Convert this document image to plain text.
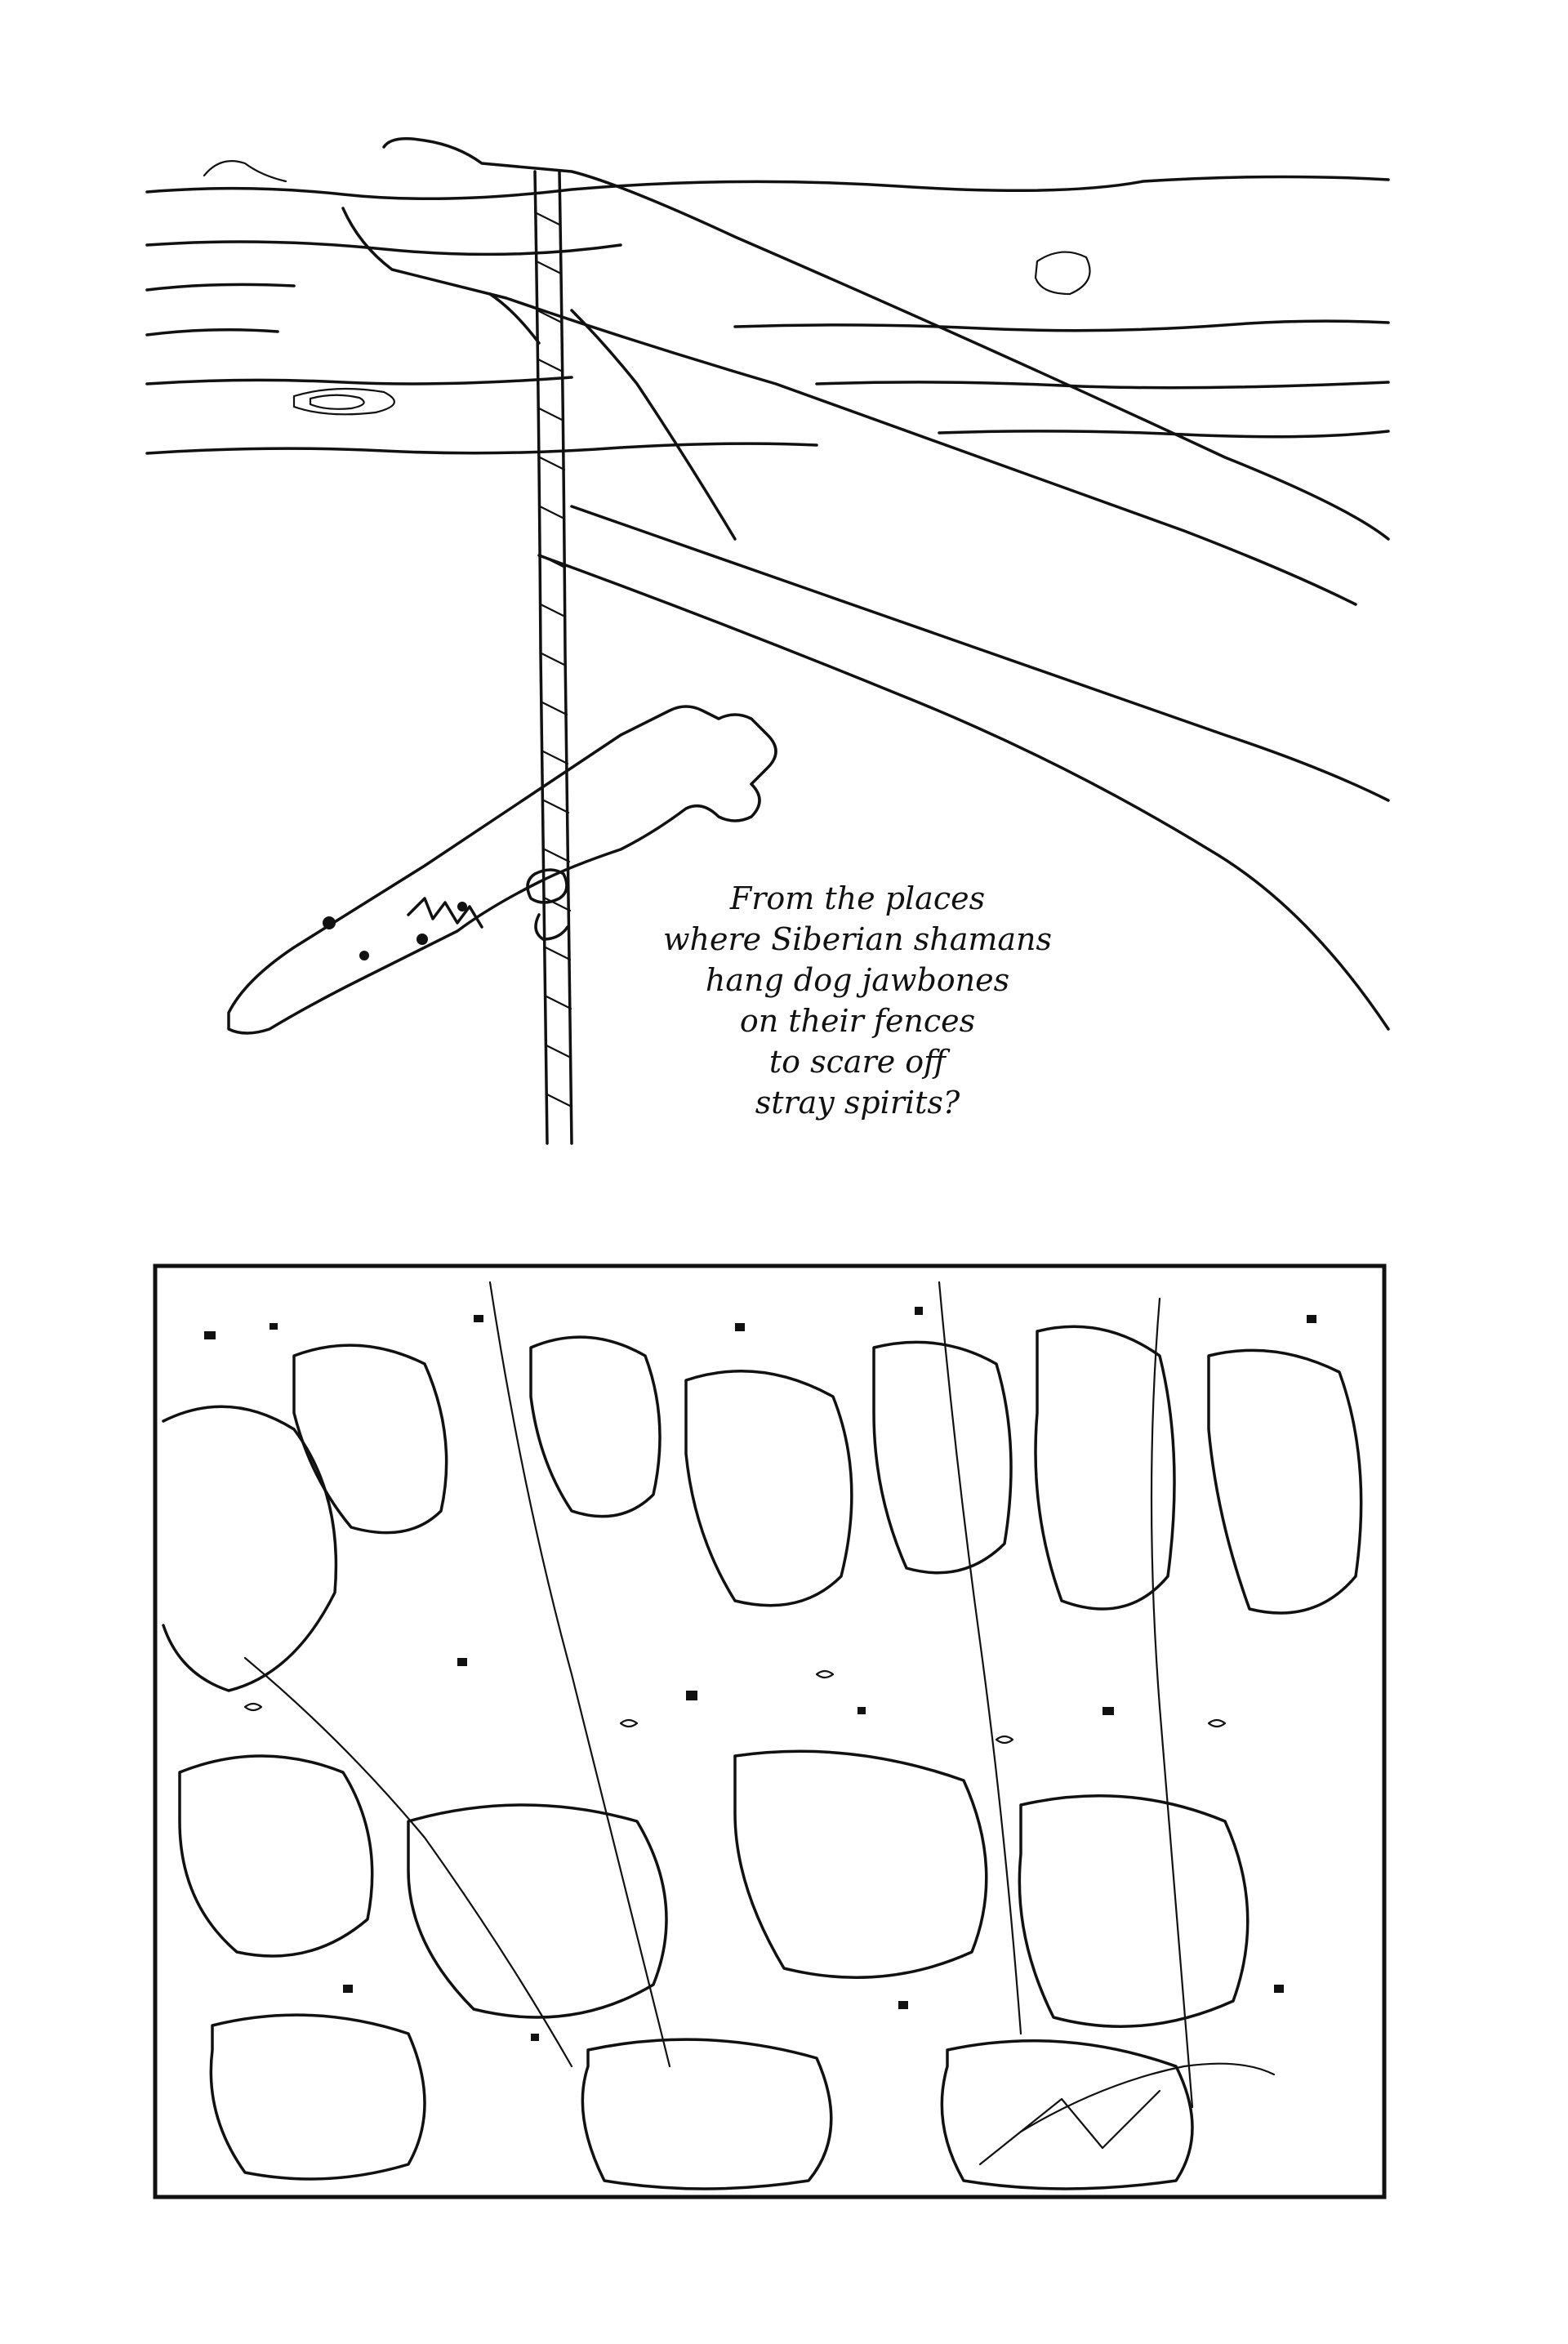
From the places
where Siberian shamans
hang dog jawbones
on their fences
to scare off
stray spirits?
